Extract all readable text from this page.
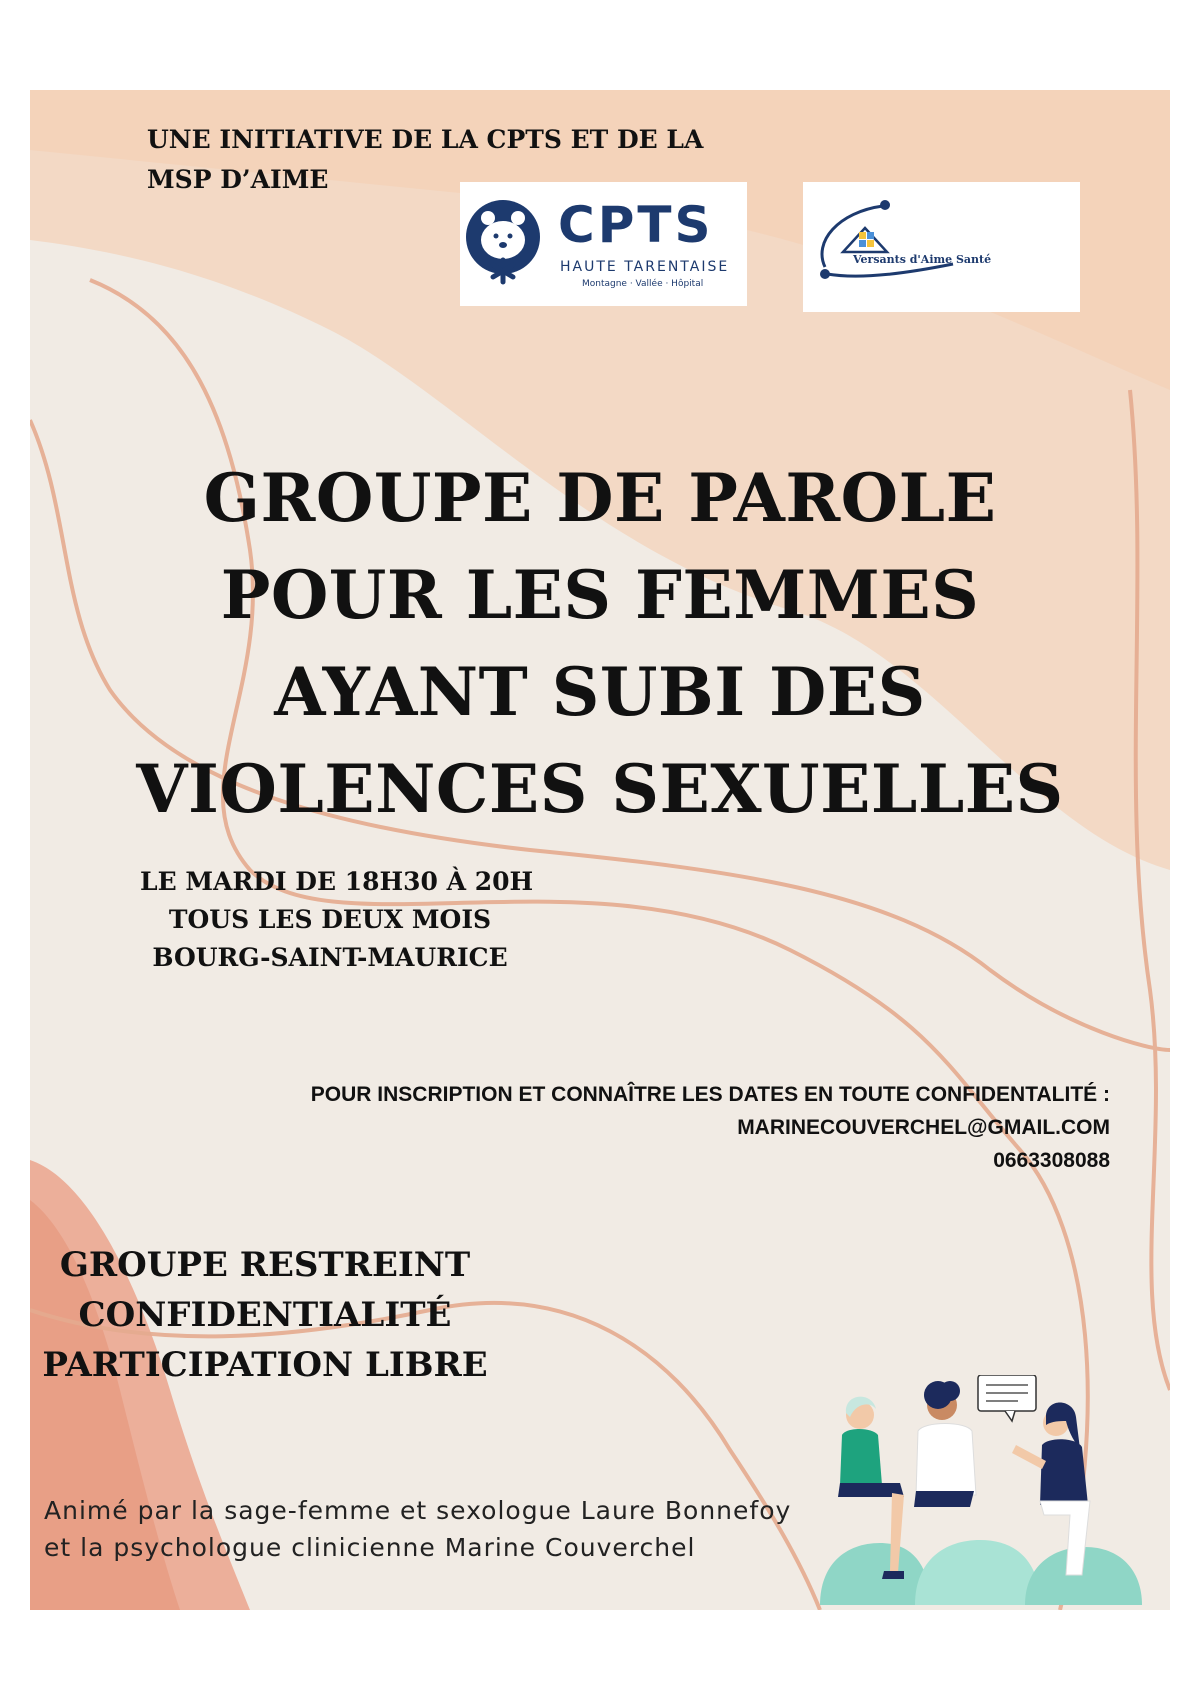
UNE INITIATIVE DE LA CPTS ET DE LA
MSP D’AIME
CPTS
HAUTE TARENTAISE
Montagne · Vallée · Hôpital
Versants d'Aime Santé
GROUPE DE PAROLE
POUR LES FEMMES
AYANT SUBI DES
VIOLENCES SEXUELLES
LE MARDI DE 18H30 À 20H
TOUS LES DEUX MOIS
BOURG-SAINT-MAURICE
POUR INSCRIPTION ET CONNAÎTRE LES DATES EN TOUTE CONFIDENTALITÉ :
MARINECOUVERCHEL@GMAIL.COM
0663308088
GROUPE RESTREINT
CONFIDENTIALITÉ
PARTICIPATION LIBRE
Animé par la sage-femme et sexologue Laure Bonnefoy
et la psychologue clinicienne Marine Couverchel
